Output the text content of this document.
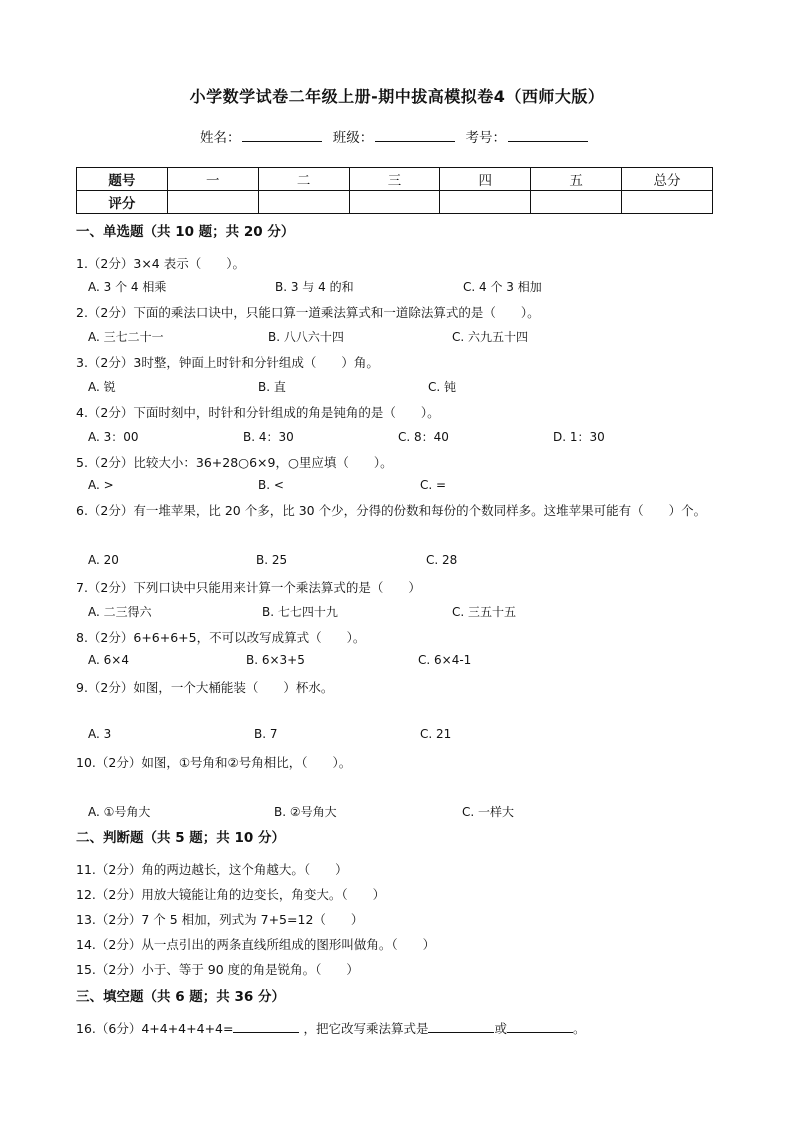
小学数学试卷二年级上册-期中拔高模拟卷4（西师大版）
姓名：	班级：	考号：
题号	一	二	三	四	五	总分
评分						
一、单选题（共 10 题；共 20 分）
1.（2分）3×4 表示（　　）。
A. 3 个 4 相乘	B. 3 与 4 的和	C. 4 个 3 相加
2.（2分）下面的乘法口诀中，只能口算一道乘法算式和一道除法算式的是（　　）。
A. 三七二十一	B. 八八六十四	C. 六九五十四
3.（2分）3时整，钟面上时针和分针组成（　　）角。
A. 锐	B. 直	C. 钝
4.（2分）下面时刻中，时针和分针组成的角是钝角的是（　　）。
A. 3：00	B. 4：30	C. 8：40	D. 1：30
5.（2分）比较大小：36+28○6×9，○里应填（　　）。
A. >	B. <	C. =
6.（2分）有一堆苹果，比 20 个多，比 30 个少，分得的份数和每份的个数同样多。这堆苹果可能有（　　）个。
A. 20	B. 25	C. 28
7.（2分）下列口诀中只能用来计算一个乘法算式的是（　　）
A. 二三得六	B. 七七四十九	C. 三五十五
8.（2分）6+6+6+5，不可以改写成算式（　　）。
A. 6×4	B. 6×3+5	C. 6×4-1
9.（2分）如图，一个大桶能装（　　）杯水。
A. 3	B. 7	C. 21
10.（2分）如图，①号角和②号角相比，（　　）。
A. ①号角大	B. ②号角大	C. 一样大
二、判断题（共 5 题；共 10 分）
11.（2分）角的两边越长，这个角越大。（　　）
12.（2分）用放大镜能让角的边变长，角变大。（　　）
13.（2分）7 个 5 相加，列式为 7+5=12（　　）
14.（2分）从一点引出的两条直线所组成的图形叫做角。（　　）
15.（2分）小于、等于 90 度的角是锐角。（　　）
三、填空题（共 6 题；共 36 分）
16.（6分）4+4+4+4+4=	，把它改写乘法算式是	或	。
